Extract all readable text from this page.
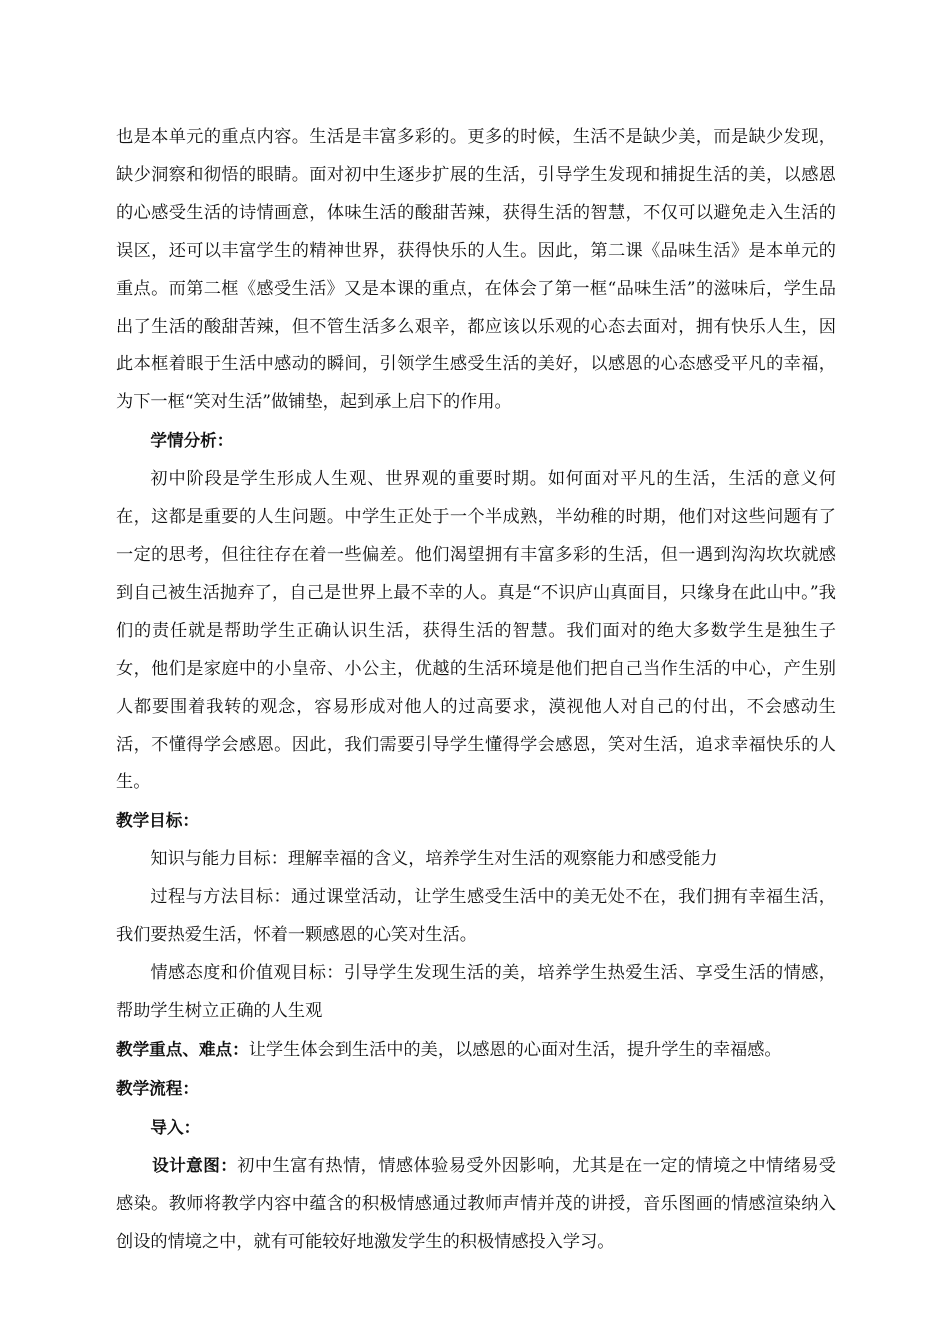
也是本单元的重点内容。生活是丰富多彩的。更多的时候，生活不是缺少美，而是缺少发现，缺少洞察和彻悟的眼睛。面对初中生逐步扩展的生活，引导学生发现和捕捉生活的美，以感恩的心感受生活的诗情画意，体味生活的酸甜苦辣，获得生活的智慧，不仅可以避免走入生活的误区，还可以丰富学生的精神世界，获得快乐的人生。因此，第二课《品味生活》是本单元的重点。而第二框《感受生活》又是本课的重点，在体会了第一框“品味生活”的滋味后，学生品出了生活的酸甜苦辣，但不管生活多么艰辛，都应该以乐观的心态去面对，拥有快乐人生，因此本框着眼于生活中感动的瞬间，引领学生感受生活的美好，以感恩的心态感受平凡的幸福，为下一框“笑对生活”做铺垫，起到承上启下的作用。

学情分析：

初中阶段是学生形成人生观、世界观的重要时期。如何面对平凡的生活，生活的意义何在，这都是重要的人生问题。中学生正处于一个半成熟，半幼稚的时期，他们对这些问题有了一定的思考，但往往存在着一些偏差。他们渴望拥有丰富多彩的生活，但一遇到沟沟坎坎就感到自己被生活抛弃了，自己是世界上最不幸的人。真是“不识庐山真面目，只缘身在此山中。”我们的责任就是帮助学生正确认识生活，获得生活的智慧。我们面对的绝大多数学生是独生子女，他们是家庭中的小皇帝、小公主，优越的生活环境是他们把自己当作生活的中心，产生别人都要围着我转的观念，容易形成对他人的过高要求，漠视他人对自己的付出，不会感动生活，不懂得学会感恩。因此，我们需要引导学生懂得学会感恩，笑对生活，追求幸福快乐的人生。

教学目标：

知识与能力目标：理解幸福的含义，培养学生对生活的观察能力和感受能力

过程与方法目标：通过课堂活动，让学生感受生活中的美无处不在，我们拥有幸福生活，我们要热爱生活，怀着一颗感恩的心笑对生活。

情感态度和价值观目标：引导学生发现生活的美，培养学生热爱生活、享受生活的情感，帮助学生树立正确的人生观

教学重点、难点：让学生体会到生活中的美，以感恩的心面对生活，提升学生的幸福感。

教学流程：

导入：

设计意图：初中生富有热情，情感体验易受外因影响，尤其是在一定的情境之中情绪易受感染。教师将教学内容中蕴含的积极情感通过教师声情并茂的讲授，音乐图画的情感渲染纳入创设的情境之中，就有可能较好地激发学生的积极情感投入学习。
